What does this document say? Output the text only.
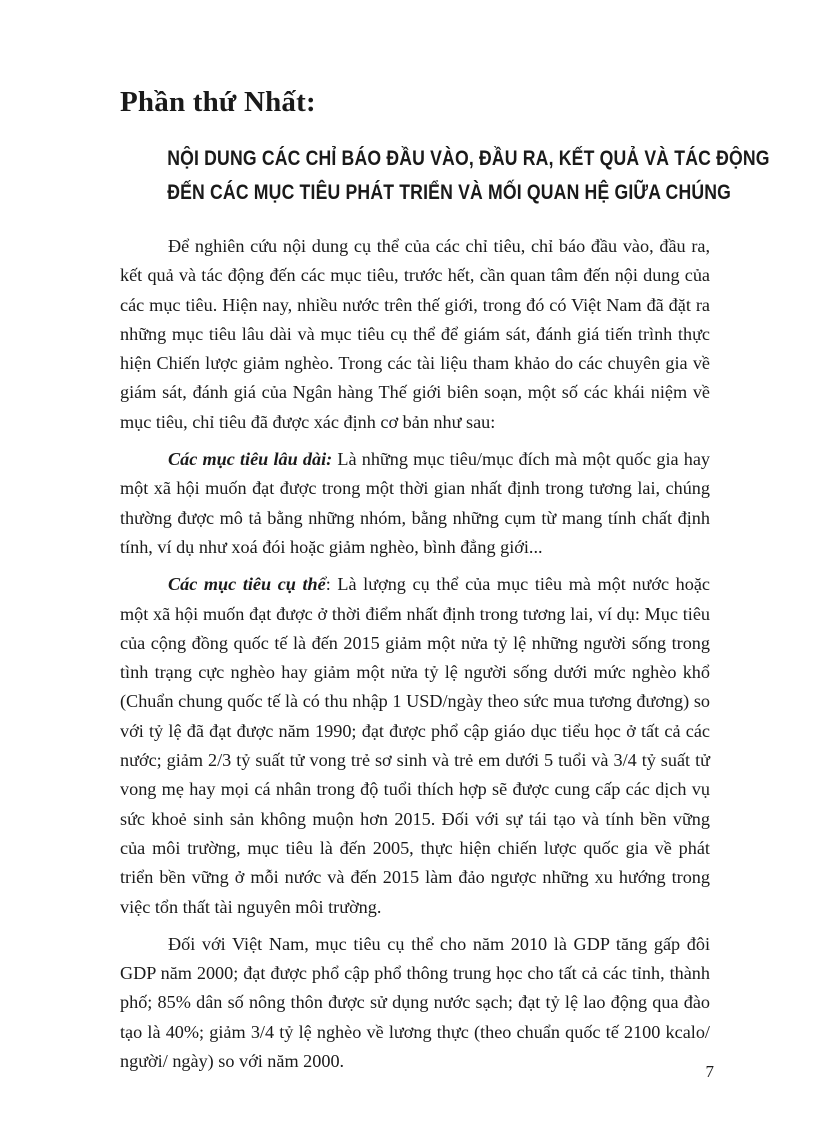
Phần thứ Nhất:
NỘI DUNG CÁC CHỈ BÁO ĐẦU VÀO, ĐẦU RA, KẾT QUẢ VÀ TÁC ĐỘNG
ĐẾN CÁC MỤC TIÊU PHÁT TRIỂN VÀ MỐI QUAN HỆ GIỮA CHÚNG

Để nghiên cứu nội dung cụ thể của các chỉ tiêu, chỉ báo đầu vào, đầu ra, kết quả và tác động đến các mục tiêu, trước hết, cần quan tâm đến nội dung của các mục tiêu. Hiện nay, nhiều nước trên thế giới, trong đó có Việt Nam đã đặt ra những mục tiêu lâu dài và mục tiêu cụ thể để giám sát, đánh giá tiến trình thực hiện Chiến lược giảm nghèo. Trong các tài liệu tham khảo do các chuyên gia về giám sát, đánh giá của Ngân hàng Thế giới biên soạn, một số các khái niệm về mục tiêu, chỉ tiêu đã được xác định cơ bản như sau:

Các mục tiêu lâu dài: Là những mục tiêu/mục đích mà một quốc gia hay một xã hội muốn đạt được trong một thời gian nhất định trong tương lai, chúng thường được mô tả bằng những nhóm, bằng những cụm từ mang tính chất định tính, ví dụ như xoá đói hoặc giảm nghèo, bình đẳng giới...

Các mục tiêu cụ thể: Là lượng cụ thể của mục tiêu mà một nước hoặc một xã hội muốn đạt được ở thời điểm nhất định trong tương lai, ví dụ: Mục tiêu của cộng đồng quốc tế là đến 2015 giảm một nửa tỷ lệ những người sống trong tình trạng cực nghèo hay giảm một nửa tỷ lệ người sống dưới mức nghèo khổ (Chuẩn chung quốc tế là có thu nhập 1 USD/ngày theo sức mua tương đương) so với tỷ lệ đã đạt được năm 1990; đạt được phổ cập giáo dục tiểu học ở tất cả các nước; giảm 2/3 tỷ suất tử vong trẻ sơ sinh và trẻ em dưới 5 tuổi và 3/4 tỷ suất tử vong mẹ hay mọi cá nhân trong độ tuổi thích hợp sẽ được cung cấp các dịch vụ sức khoẻ sinh sản không muộn hơn 2015. Đối với sự tái tạo và tính bền vững của môi trường, mục tiêu là đến 2005, thực hiện chiến lược quốc gia về phát triển bền vững ở mỗi nước và đến 2015 làm đảo ngược những xu hướng trong việc tổn thất tài nguyên môi trường.

Đối với Việt Nam, mục tiêu cụ thể cho năm 2010 là GDP tăng gấp đôi GDP năm 2000; đạt được phổ cập phổ thông trung học cho tất cả các tỉnh, thành phố; 85% dân số nông thôn được sử dụng nước sạch; đạt tỷ lệ lao động qua đào tạo là 40%; giảm 3/4 tỷ lệ nghèo về lương thực (theo chuẩn quốc tế 2100 kcalo/ người/ ngày) so với năm 2000.

7
